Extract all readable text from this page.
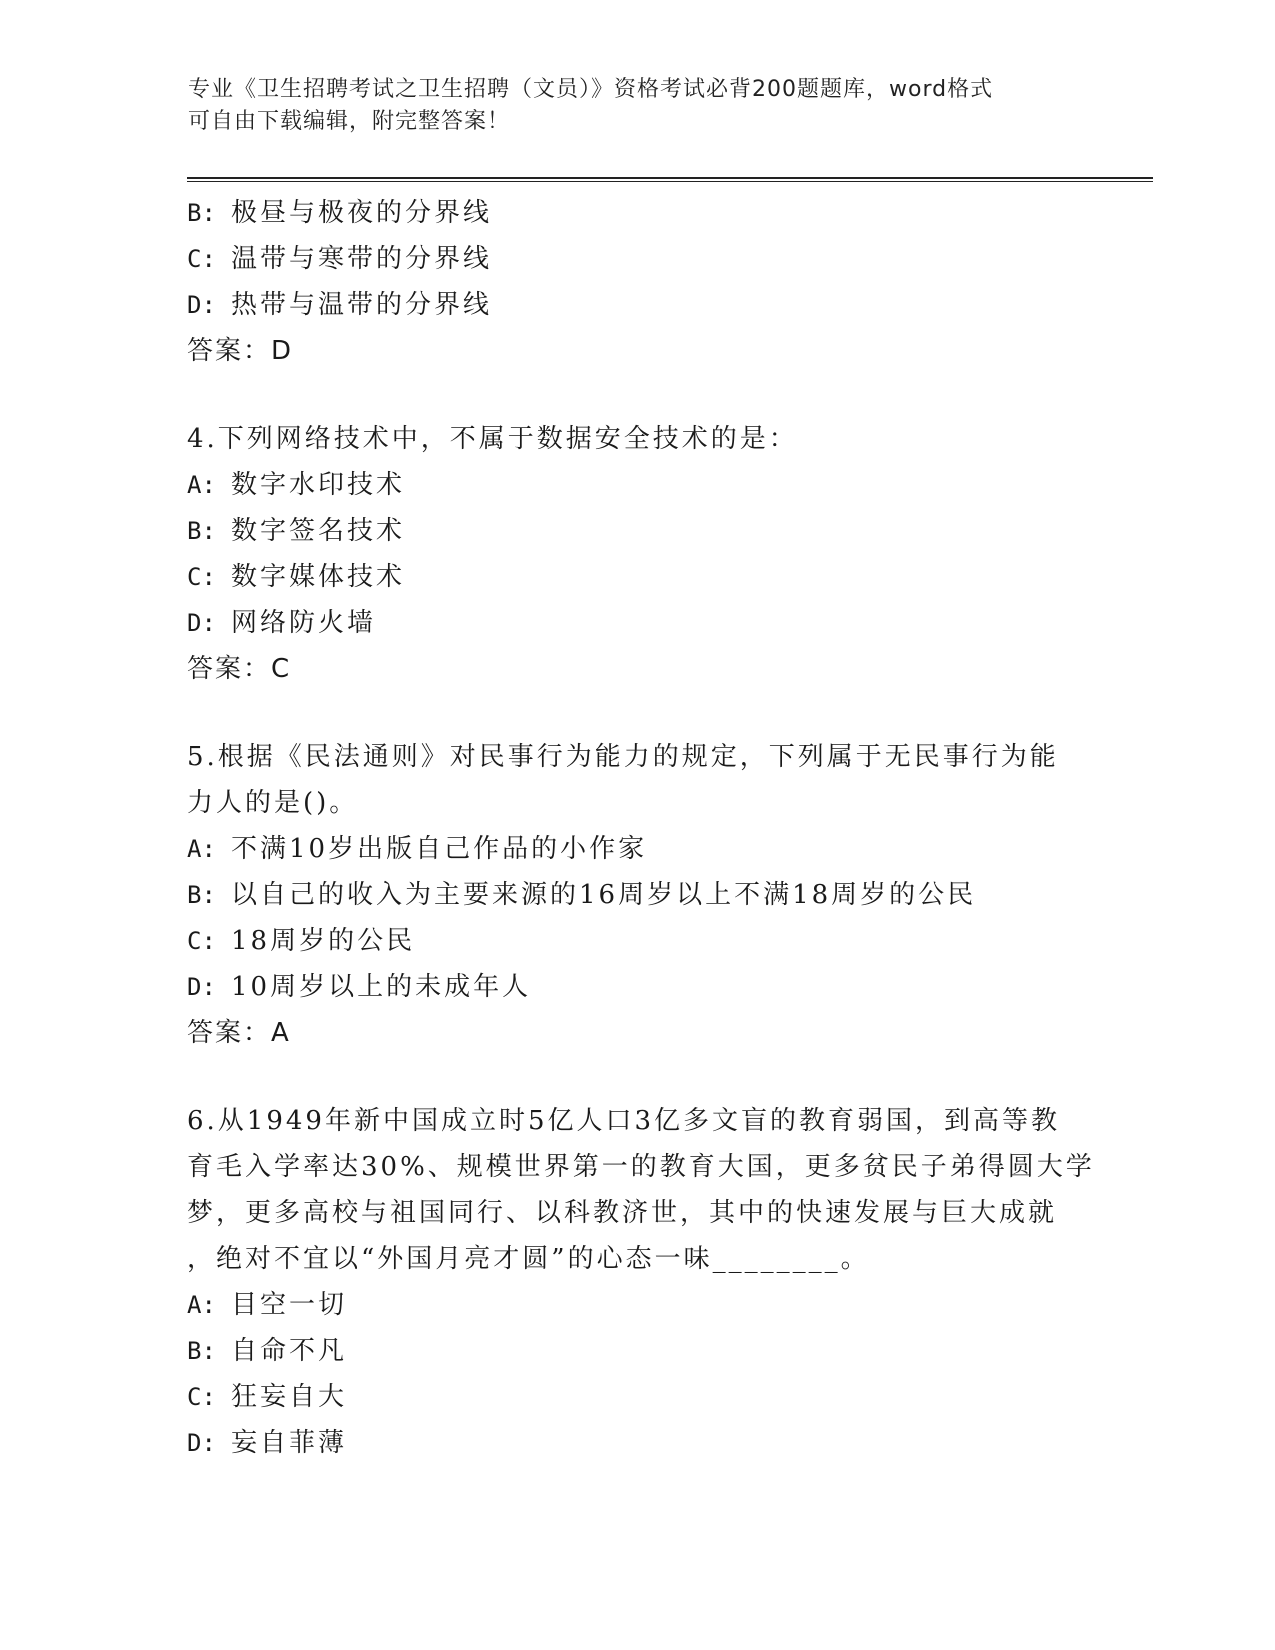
专业《卫生招聘考试之卫生招聘（文员）》资格考试必背200题题库，word格式
可自由下载编辑，附完整答案！
B: 极昼与极夜的分界线
C: 温带与寒带的分界线
D: 热带与温带的分界线
答案：D
4.下列网络技术中，不属于数据安全技术的是：
A: 数字水印技术
B: 数字签名技术
C: 数字媒体技术
D: 网络防火墙
答案：C
5.根据《民法通则》对民事行为能力的规定，下列属于无民事行为能
力人的是()。
A: 不满10岁出版自己作品的小作家
B: 以自己的收入为主要来源的16周岁以上不满18周岁的公民
C: 18周岁的公民
D: 10周岁以上的未成年人
答案：A
6.从1949年新中国成立时5亿人口3亿多文盲的教育弱国，到高等教
育毛入学率达30%、规模世界第一的教育大国，更多贫民子弟得圆大学
梦，更多高校与祖国同行、以科教济世，其中的快速发展与巨大成就
，绝对不宜以“外国月亮才圆”的心态一味________。
A: 目空一切
B: 自命不凡
C: 狂妄自大
D: 妄自菲薄
